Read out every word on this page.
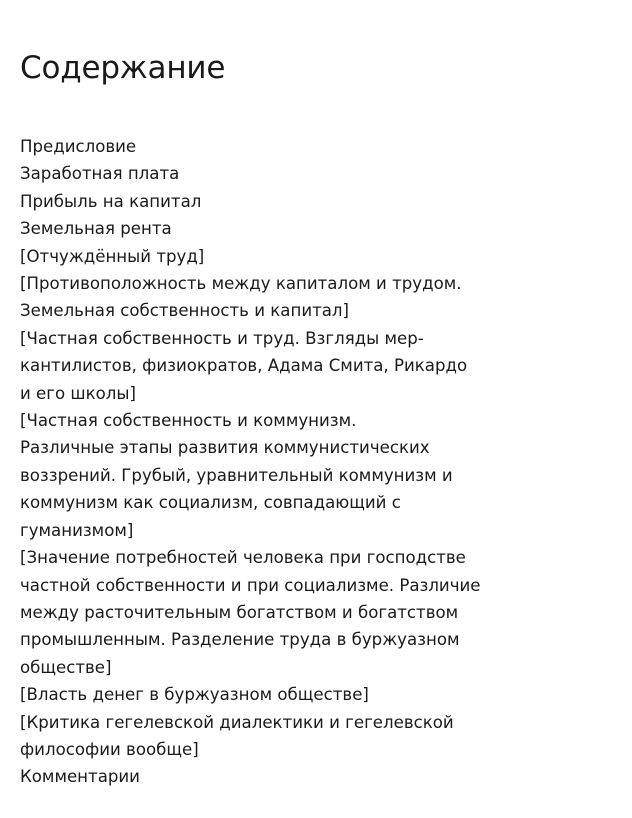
Содержание
Предисловие
Заработная плата
Прибыль на капитал
Земельная рента
[Отчуждённый труд]
[Противоположность между капиталом и трудом.
Земельная собственность и капитал]
[Частная собственность и труд. Взгляды мер-
кантилистов, физиократов, Адама Смита, Рикардо
и его школы]
[Частная собственность и коммунизм.
Различные этапы развития коммунистических
воззрений. Грубый, уравнительный коммунизм и
коммунизм как социализм, совпадающий с
гуманизмом]
[Значение потребностей человека при господстве
частной собственности и при социализме. Различие
между расточительным богатством и богатством
промышленным. Разделение труда в буржуазном
обществе]
[Власть денег в буржуазном обществе]
[Критика гегелевской диалектики и гегелевской
философии вообще]
Комментарии
